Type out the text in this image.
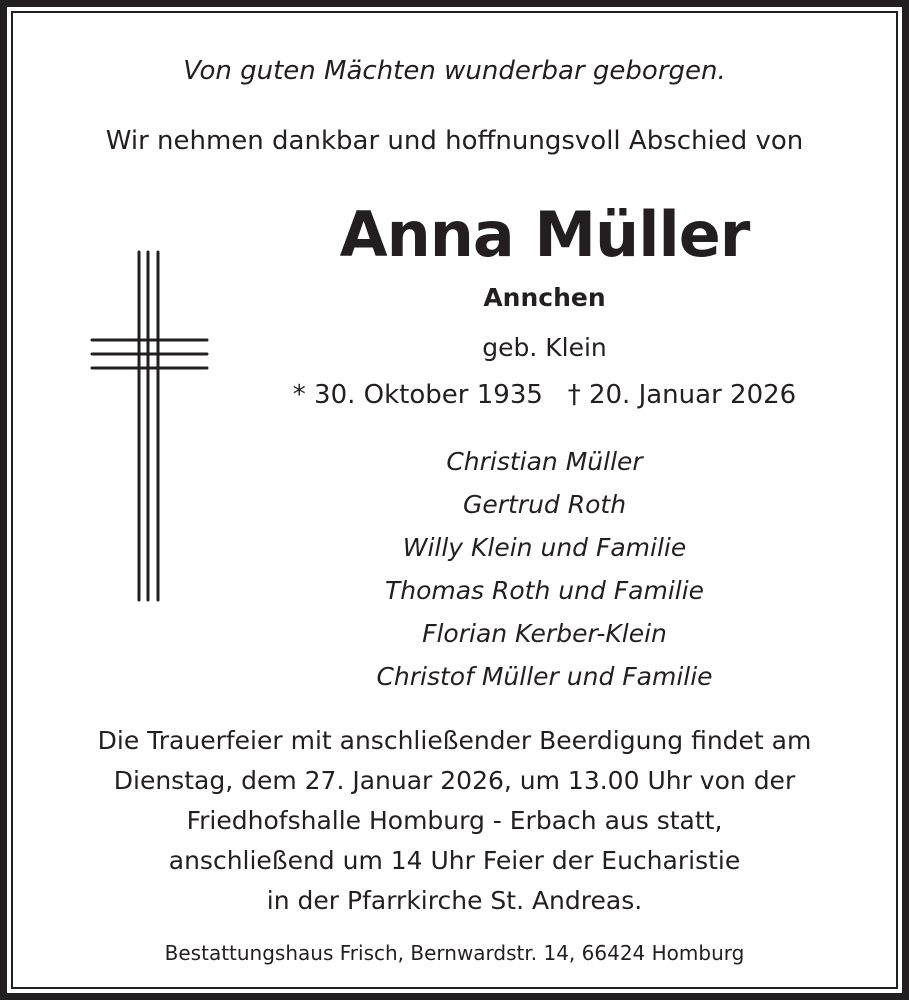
Von guten Mächten wunderbar geborgen.
Wir nehmen dankbar und hoffnungsvoll Abschied von
Anna Müller
Annchen
geb. Klein
* 30. Oktober 1935   † 20. Januar 2026
Christian Müller
Gertrud Roth
Willy Klein und Familie
Thomas Roth und Familie
Florian Kerber-Klein
Christof Müller und Familie
Die Trauerfeier mit anschließender Beerdigung findet am
Dienstag, dem 27. Januar 2026, um 13.00 Uhr von der
Friedhofshalle Homburg - Erbach aus statt,
anschließend um 14 Uhr Feier der Eucharistie
in der Pfarrkirche St. Andreas.
Bestattungshaus Frisch, Bernwardstr. 14, 66424 Homburg
